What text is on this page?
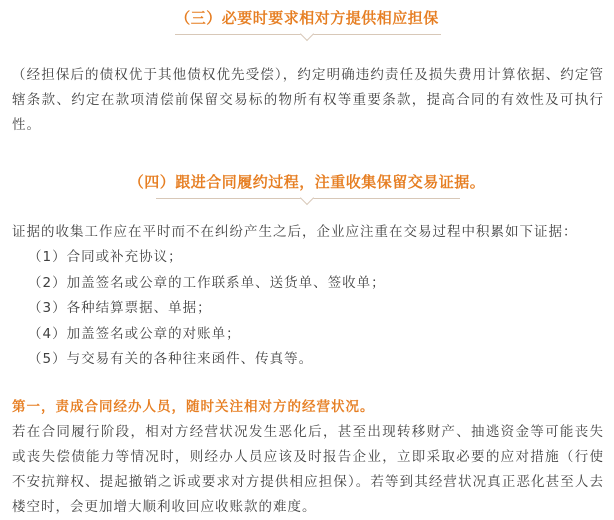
（三）必要时要求相对方提供相应担保

（经担保后的债权优于其他债权优先受偿），约定明确违约责任及损失费用计算依据、约定管辖条款、约定在款项清偿前保留交易标的物所有权等重要条款，提高合同的有效性及可执行性。

（四）跟进合同履约过程，注重收集保留交易证据。

证据的收集工作应在平时而不在纠纷产生之后，企业应注重在交易过程中积累如下证据：

（1）合同或补充协议；
（2）加盖签名或公章的工作联系单、送货单、签收单；
（3）各种结算票据、单据；
（4）加盖签名或公章的对账单；
（5）与交易有关的各种往来函件、传真等。

第一，责成合同经办人员，随时关注相对方的经营状况。

若在合同履行阶段，相对方经营状况发生恶化后，甚至出现转移财产、抽逃资金等可能丧失或丧失偿债能力等情况时，则经办人员应该及时报告企业，立即采取必要的应对措施（行使不安抗辩权、提起撤销之诉或要求对方提供相应担保）。若等到其经营状况真正恶化甚至人去楼空时，会更加增大顺利收回应收账款的难度。
